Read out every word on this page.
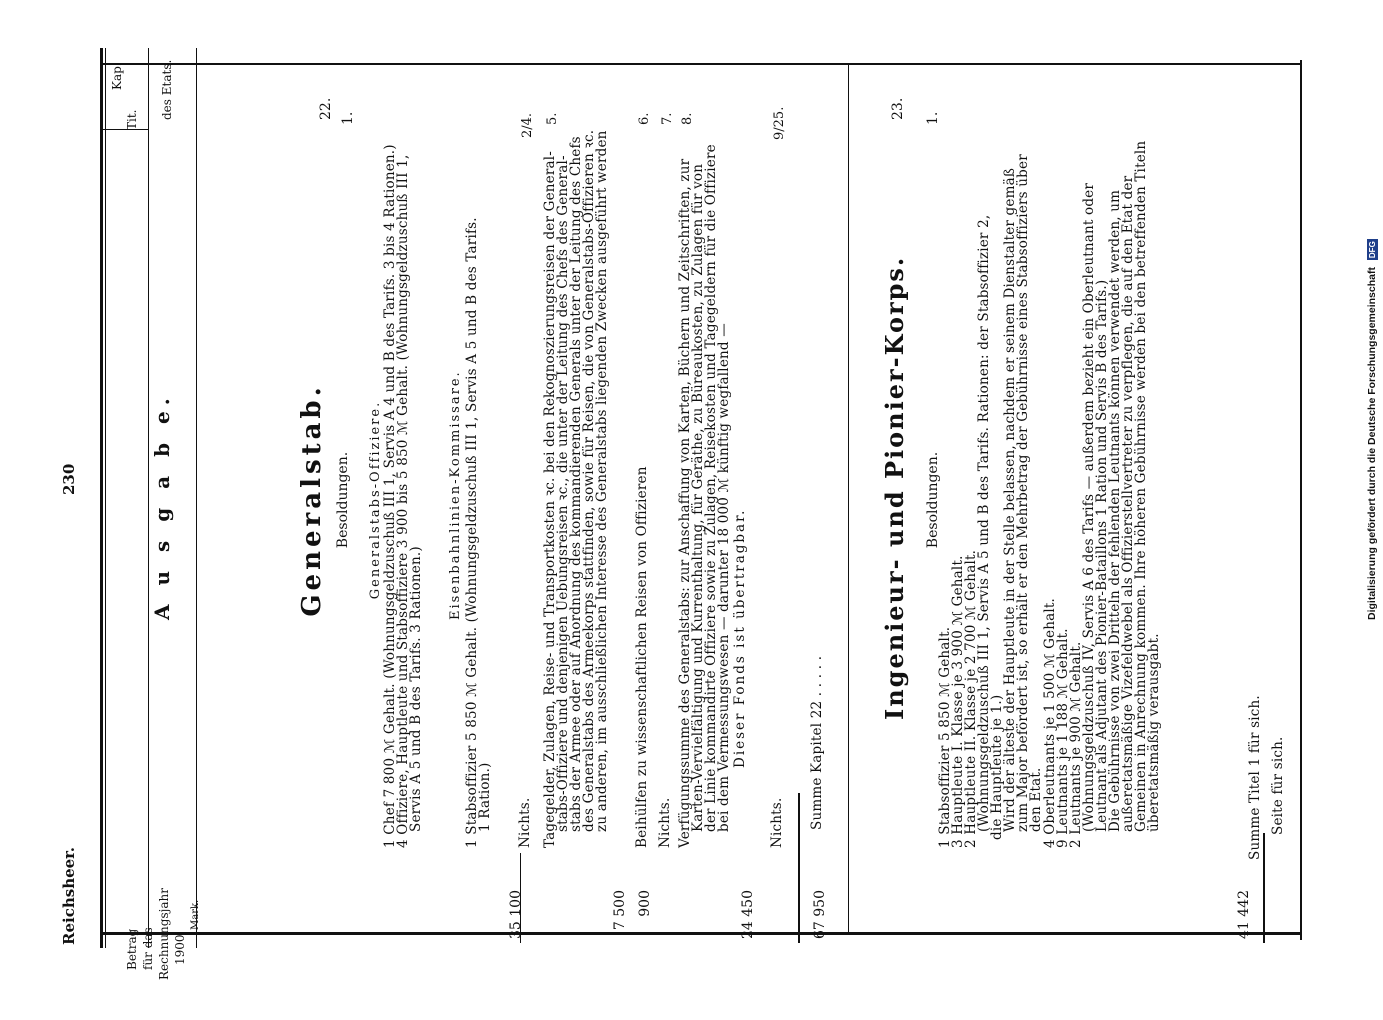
Reichsheer.
230
Kap.
Tit. des Etats.
A u s g a b e.
Betrag für das Rechnungsjahr 1900
Mark.
22.
Generalstab. Besoldungen. Generalstabs-Offiziere.
1.
1 Chef 7 800 ℳ Gehalt. (Wohnungsgeldzuschuß III 1, Servis A 4 und B des Tarifs. 3 bis 4 Rationen.)
4 Offiziere, Hauptleute und Stabsoffiziere 3 900 bis 5 850 ℳ Gehalt. (Wohnungsgeldzuschuß III 1,
Servis A 5 und B des Tarifs. 3 Rationen.)
Eisenbahnlinien-Kommissare. 1 Stabsoffizier 5 850 ℳ Gehalt. (Wohnungsgeldzuschuß III 1, Servis A 5 und B des Tarifs.
1 Ration.)
35 100
2/4.
Nichts.
5.
Tagegelder, Zulagen, Reise- und Transportkosten ꝛc. bei den Rekognoszierungsreisen der General-
stabs-Offiziere und denjenigen Uebungsreisen ꝛc., die unter der Leitung des Chefs des General-
stabs der Armee oder auf Anordnung des kommandierenden Generals unter der Leitung des Chefs
des Generalstabs des Armeekorps stattfinden, sowie für Reisen, die von Generalstabs-Offizieren ꝛc.
zu anderen, im ausschließlichen Interesse des Generalstabs liegenden Zwecken ausgeführt werden
7 500
6.
Beihülfen zu wissenschaftlichen Reisen von Offizieren
900
7.
Nichts.
8.
Verfügungssumme des Generalstabs: zur Anschaffung von Karten, Büchern und Zeitschriften, zur
Karten-Vervielfältigung und Kurrenthaltung, für Geräthe, zu Büreaukosten, zu Zulagen für von
der Linie kommandirte Offiziere sowie zu Zulagen, Reisekosten und Tagegeldern für die Offiziere
bei dem Vermessungswesen — darunter 18 000 ℳ künftig wegfallend — Dieser Fonds ist übertragbar.
24 450
9/25.
Nichts. Summe Kapitel 22 . . . . .
67 950
23.
Ingenieur- und Pionier-Korps. Besoldungen.
1.
1 Stabsoffizier 5 850 ℳ Gehalt.
3 Hauptleute I. Klasse je 3 900 ℳ Gehalt.
2 Hauptleute II. Klasse je 2 700 ℳ Gehalt.
(Wohnungsgeldzuschuß III 1, Servis A 5 und B des Tarifs. Rationen: der Stabsoffizier 2,
die Hauptleute je 1.)
Wird der älteste der Hauptleute in der Stelle belassen, nachdem er seinem Dienstalter gemäß
zum Major befördert ist, so erhält er den Mehrbetrag der Gebührnisse eines Stabsoffiziers über
den Etat.
4 Oberleutnants je 1 500 ℳ Gehalt.
9 Leutnants je 1 188 ℳ Gehalt.
2 Leutnants je 900 ℳ Gehalt.
(Wohnungsgeldzuschuß IV, Servis A 6 des Tarifs — außerdem bezieht ein Oberleutnant oder
Leutnant als Adjutant des Pionier-Bataillons 1 Ration und Servis B des Tarifs.)
Die Gebührnisse von zwei Dritteln der fehlenden Leutnants können verwendet werden, um
außeretatsmäßige Vizefeldwebel als Offizierstellvertreter zu verpflegen, die auf den Etat der
Gemeinen in Anrechnung kommen. Ihre höheren Gebührnisse werden bei den betreffenden Titeln
überetatsmäßig verausgabt.
41 442
Summe Titel 1 für sich. Seite für sich.
Digitalisierung gefördert durch die Deutsche Forschungsgemeinschaft DFG
